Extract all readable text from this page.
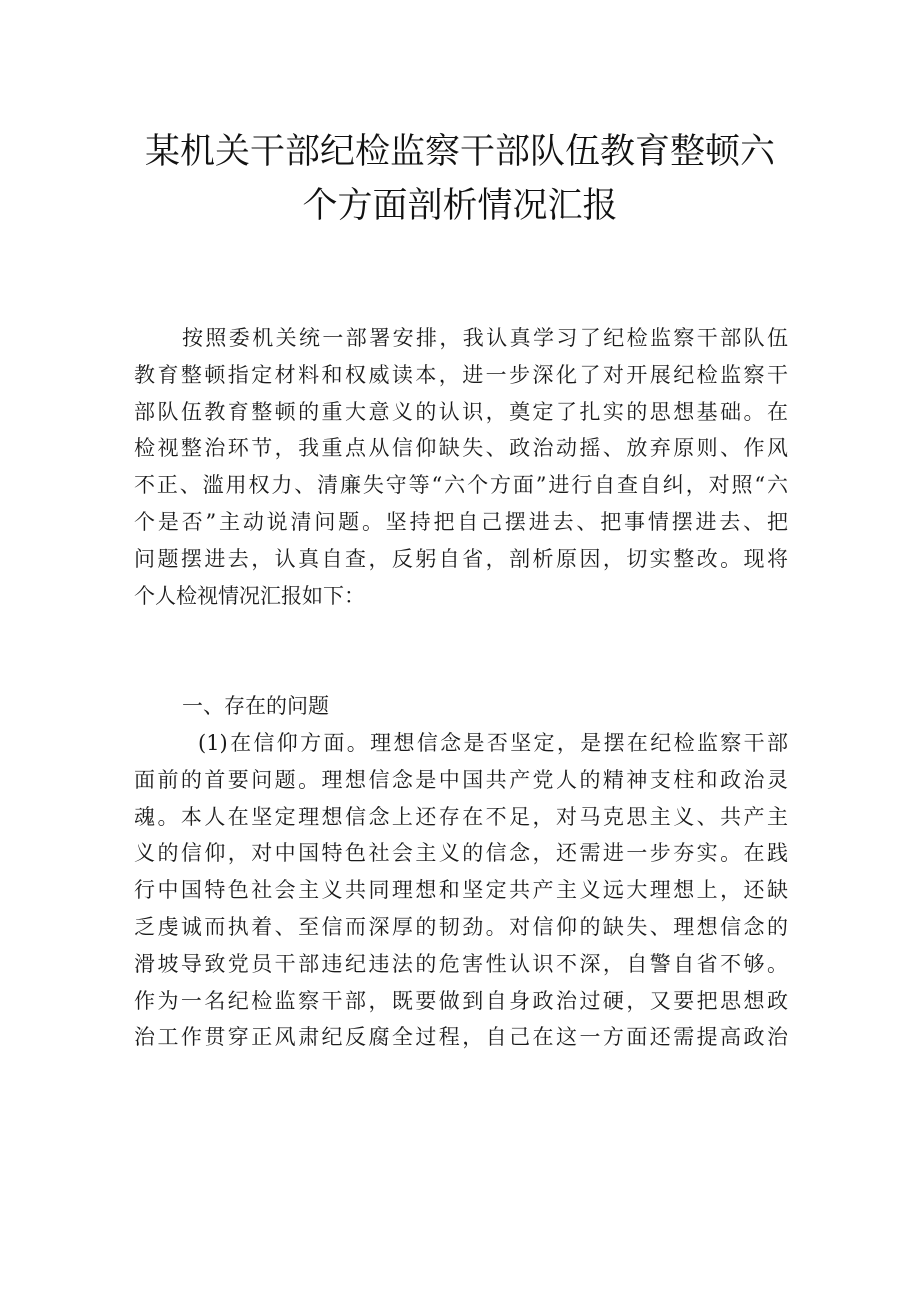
某机关干部纪检监察干部队伍教育整顿六
个方面剖析情况汇报
按照委机关统一部署安排，我认真学习了纪检监察干部队伍
教育整顿指定材料和权威读本，进一步深化了对开展纪检监察干
部队伍教育整顿的重大意义的认识，奠定了扎实的思想基础。在
检视整治环节，我重点从信仰缺失、政治动摇、放弃原则、作风
不正、滥用权力、清廉失守等“六个方面”进行自查自纠，对照“六
个是否”主动说清问题。坚持把自己摆进去、把事情摆进去、把
问题摆进去，认真自查，反躬自省，剖析原因，切实整改。现将
个人检视情况汇报如下：
一、存在的问题
(1)在信仰方面。理想信念是否坚定，是摆在纪检监察干部
面前的首要问题。理想信念是中国共产党人的精神支柱和政治灵
魂。本人在坚定理想信念上还存在不足，对马克思主义、共产主
义的信仰，对中国特色社会主义的信念，还需进一步夯实。在践
行中国特色社会主义共同理想和坚定共产主义远大理想上，还缺
乏虔诚而执着、至信而深厚的韧劲。对信仰的缺失、理想信念的
滑坡导致党员干部违纪违法的危害性认识不深，自警自省不够。
作为一名纪检监察干部，既要做到自身政治过硬，又要把思想政
治工作贯穿正风肃纪反腐全过程，自己在这一方面还需提高政治
